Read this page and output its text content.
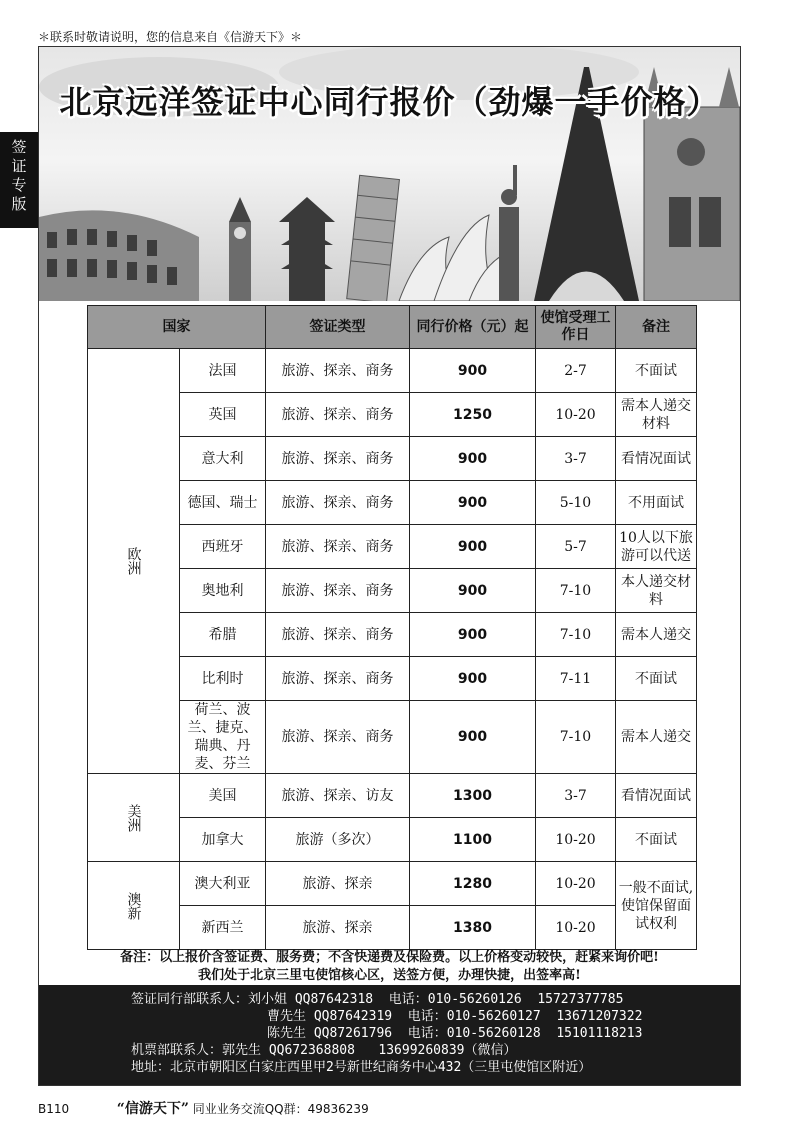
＊联系时敬请说明，您的信息来自《信游天下》＊
签
证
专
版
北京远洋签证中心同行报价（劲爆一手价格）
国家		签证类型	同行价格（元）起	使馆受理工作日	备注
欧洲	法国	旅游、探亲、商务	900	2-7	不面试
	英国	旅游、探亲、商务	1250	10-20	需本人递交材料
	意大利	旅游、探亲、商务	900	3-7	看情况面试
	德国、瑞士	旅游、探亲、商务	900	5-10	不用面试
	西班牙	旅游、探亲、商务	900	5-7	10人以下旅游可以代送
	奥地利	旅游、探亲、商务	900	7-10	本人递交材料
	希腊	旅游、探亲、商务	900	7-10	需本人递交
	比利时	旅游、探亲、商务	900	7-11	不面试
	荷兰、波兰、捷克、瑞典、丹麦、芬兰	旅游、探亲、商务	900	7-10	需本人递交
美洲	美国	旅游、探亲、访友	1300	3-7	看情况面试
	加拿大	旅游（多次）	1100	10-20	不面试
澳新	澳大利亚	旅游、探亲	1280	10-20	一般不面试,使馆保留面试权利
	新西兰	旅游、探亲	1380	10-20	
备注：以上报价含签证费、服务费；不含快递费及保险费。以上价格变动较快，赶紧来询价吧!
我们处于北京三里屯使馆核心区，送签方便，办理快捷，出签率高!
签证同行部联系人：刘小姐 QQ87642318  电话：010-56260126  15727377785
曹先生 QQ87642319  电话：010-56260127  13671207322
陈先生 QQ87261796  电话：010-56260128  15101118213
机票部联系人：郭先生 QQ672368808   13699260839（微信）
地址：北京市朝阳区白家庄西里甲2号新世纪商务中心432（三里屯使馆区附近）
B110	“信游天下” 同业业务交流QQ群：49836239
